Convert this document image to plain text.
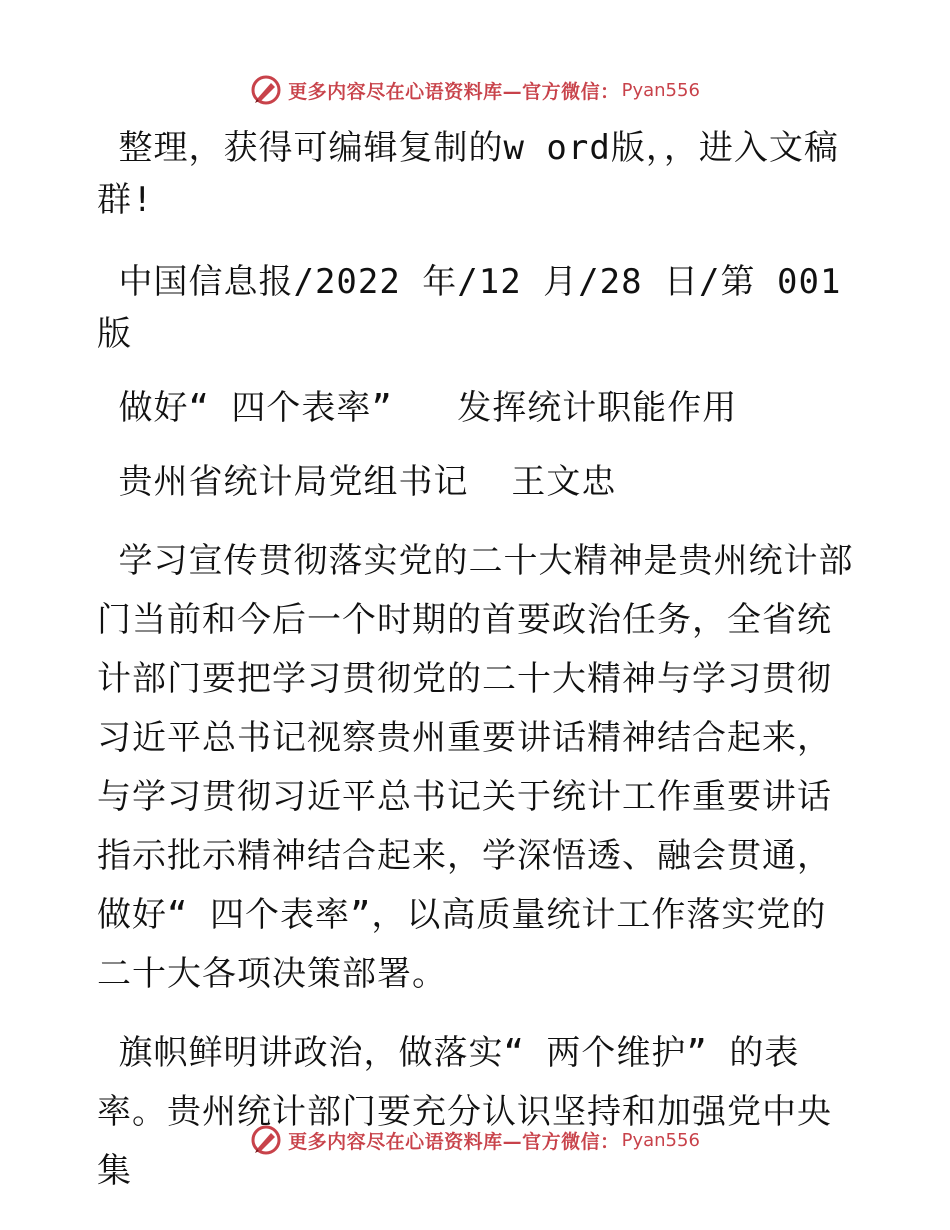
更多内容尽在心语资料库—官方微信： Pyan556

整理，获得可编辑复制的w ord版，，进入文稿群!

中国信息报/2022 年/12 月/28 日/第 001 版

做好“ 四个表率”   发挥统计职能作用

贵州省统计局党组书记  王文忠

学习宣传贯彻落实党的二十大精神是贵州统计部门当前和今后一个时期的首要政治任务，全省统计部门要把学习贯彻党的二十大精神与学习贯彻习近平总书记视察贵州重要讲话精神结合起来，与学习贯彻习近平总书记关于统计工作重要讲话指示批示精神结合起来，学深悟透、融会贯通，做好“ 四个表率”，以高质量统计工作落实党的二十大各项决策部署。

旗帜鲜明讲政治，做落实“ 两个维护” 的表率。贵州统计部门要充分认识坚持和加强党中央集

更多内容尽在心语资料库—官方微信： Pyan556
